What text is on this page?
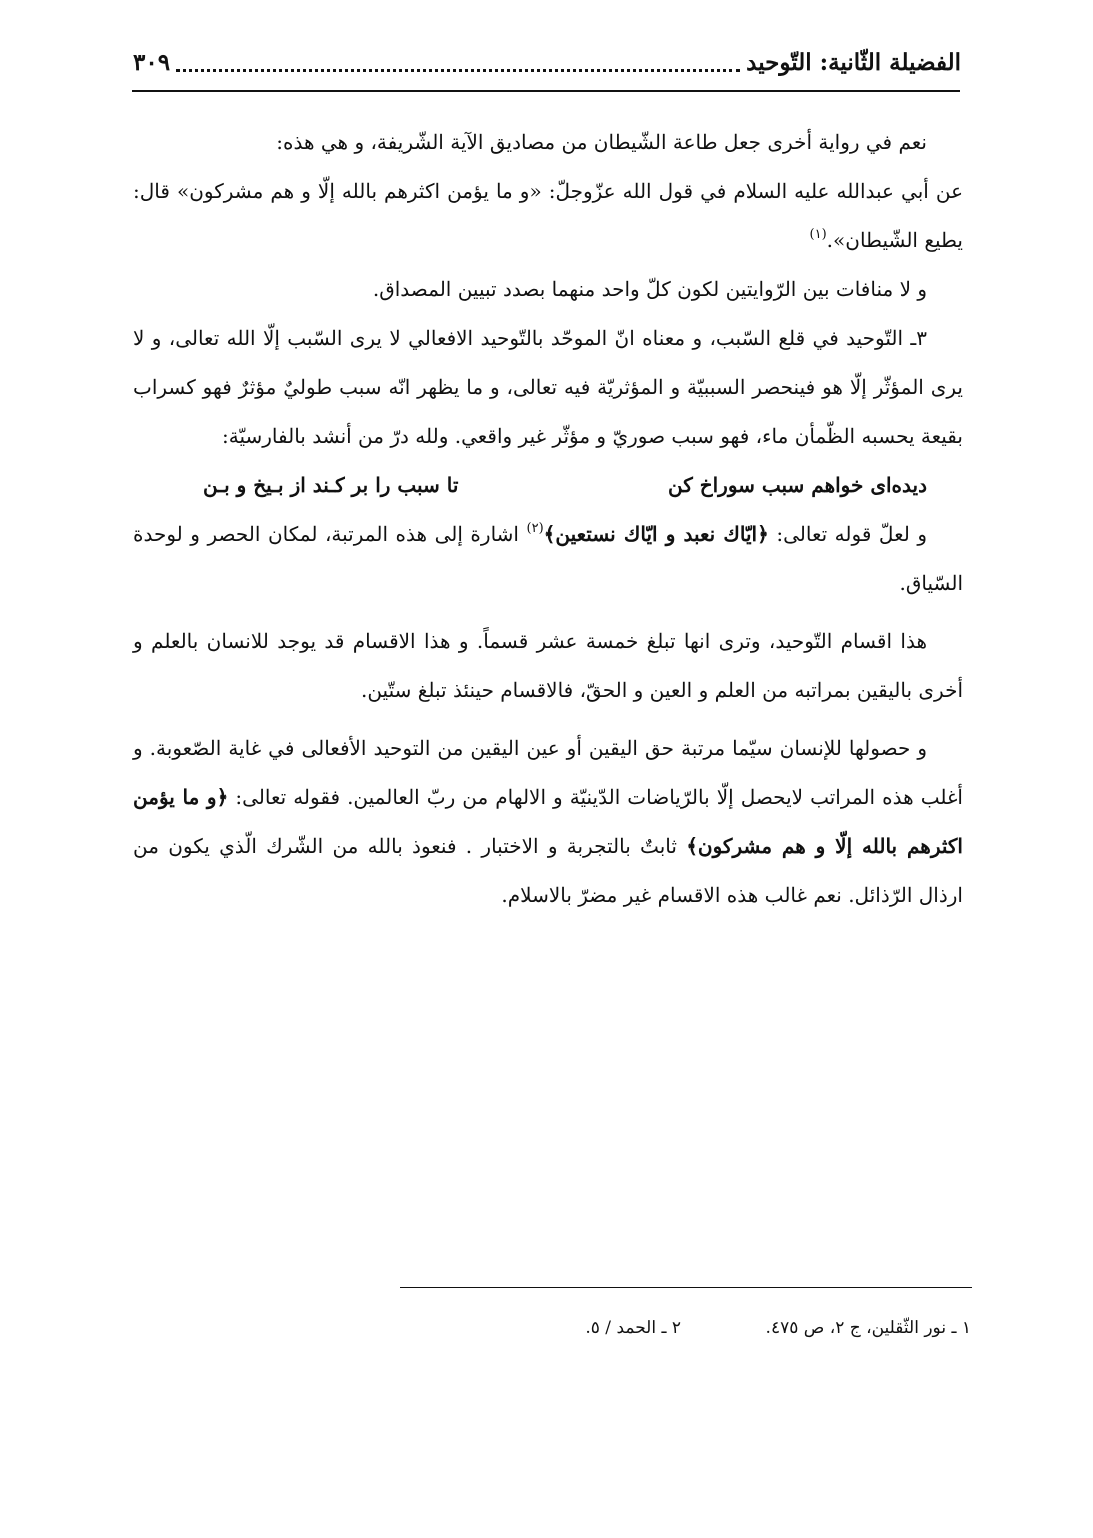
الفضيلة الثّانية: التّوحيد
٣٠٩

نعم في رواية أخرى جعل طاعة الشّيطان من مصاديق الآية الشّريفة، و هي هذه:

عن أبي عبدالله عليه السلام في قول الله عزّوجلّ: «و ما يؤمن اكثرهم بالله إلّا و هم مشركون» قال: يطيع الشّيطان».$^{(١)}$

و لا منافات بين الرّوايتين لكون كلّ واحد منهما بصدد تبيين المصداق.

٣ـ التّوحيد في قلع السّبب، و معناه انّ الموحّد بالتّوحيد الافعالي لا يرى السّبب إلّا الله تعالى، و لا يرى المؤثّر إلّا هو فينحصر السببيّة و المؤثريّة فيه تعالى، و ما يظهر انّه سبب طوليٌ مؤثرٌ فهو كسراب بقيعة يحسبه الظّمأن ماء، فهو سبب صوريّ و مؤثّر غير واقعي. ولله درّ من أنشد بالفارسيّة:

ديده‌اى خواهم سبب سوراخ كن
تا سبب را بر كـند از بـيخ و بـن

و لعلّ قوله تعالى: ﴿ايّاك نعبد و ايّاك نستعين﴾$^{(٢)}$ اشارة إلى هذه المرتبة، لمكان الحصر و لوحدة السّياق.

هذا اقسام التّوحيد، وترى انها تبلغ خمسة عشر قسماً. و هذا الاقسام قد يوجد للانسان بالعلم و أخرى باليقين بمراتبه من العلم و العين و الحقّ، فالاقسام حينئذ تبلغ ستّين.

و حصولها للإنسان سيّما مرتبة حق اليقين أو عين اليقين من التوحيد الأفعالى في غاية الصّعوبة. و أغلب هذه المراتب لايحصل إلّا بالرّياضات الدّينيّة و الالهام من ربّ العالمين. فقوله تعالى: ﴿و ما يؤمن اكثرهم بالله إلّا و هم مشركون﴾ ثابتٌ بالتجربة و الاختبار . فنعوذ بالله من الشّرك الّذي يكون من ارذال الرّذائل. نعم غالب هذه الاقسام غير مضرّ بالاسلام.

١ ـ نور الثّقلين، ج ٢، ص ٤٧٥.
٢ ـ الحمد / ٥.
